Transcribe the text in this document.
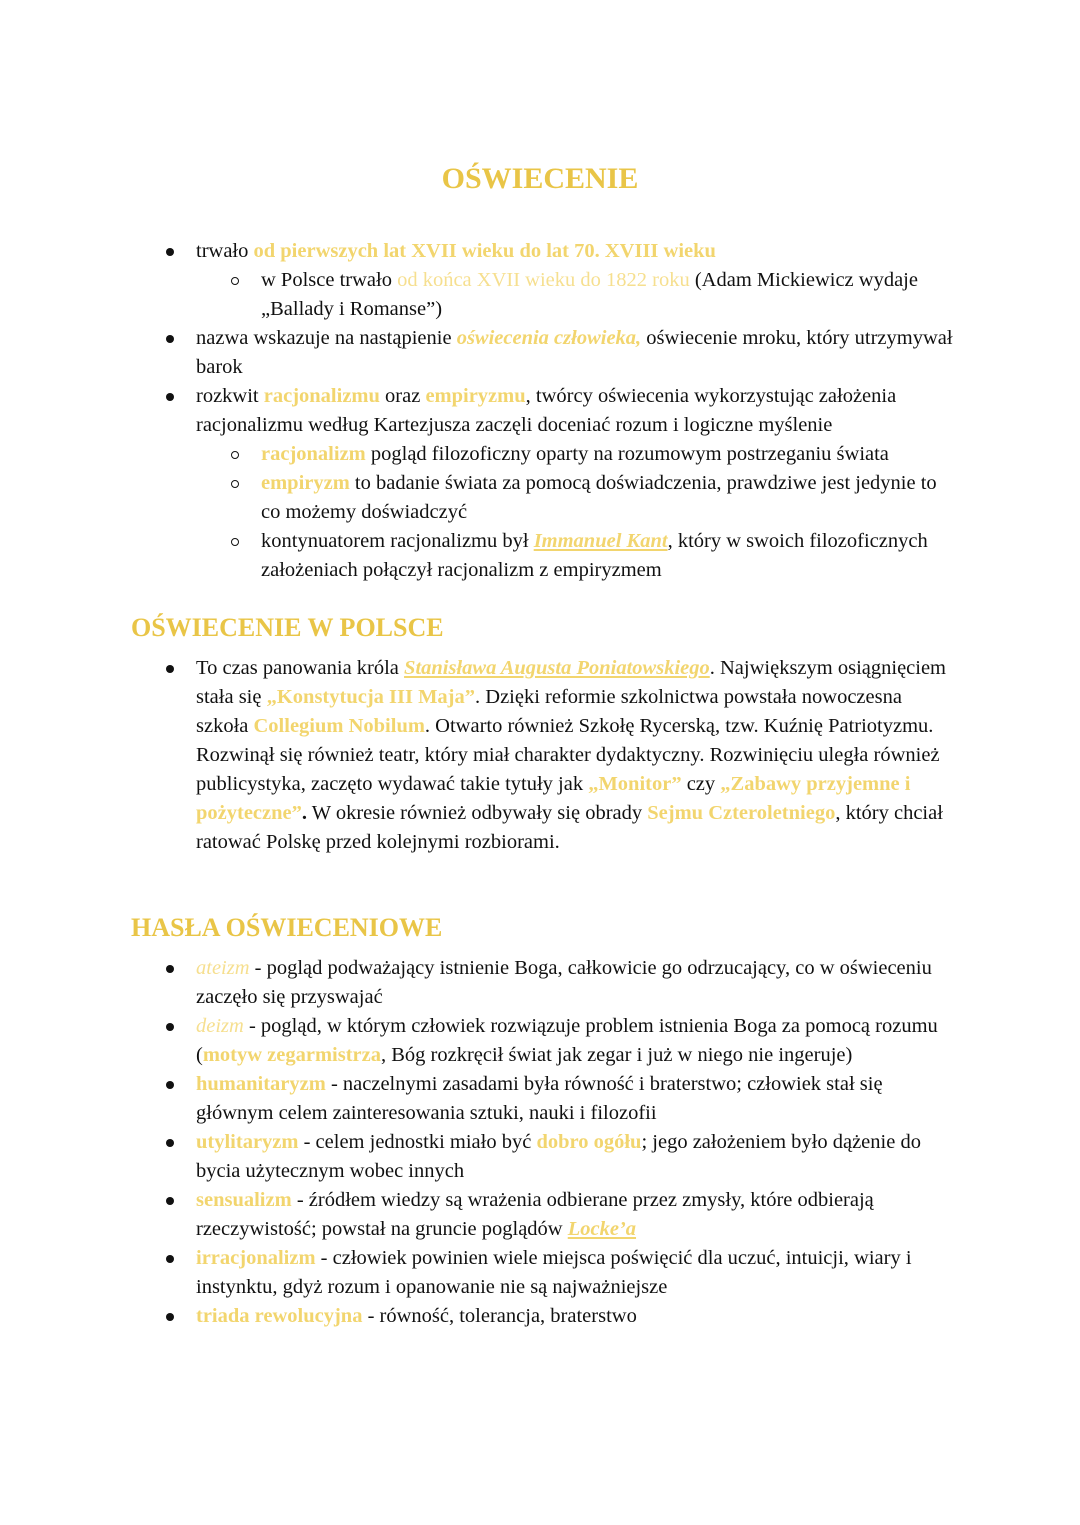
OŚWIECENIE
trwało od pierwszych lat XVII wieku do lat 70. XVIII wieku
w Polsce trwało od końca XVII wieku do 1822 roku (Adam Mickiewicz wydaje „Ballady i Romanse”)
nazwa wskazuje na nastąpienie oświecenia człowieka, oświecenie mroku, który utrzymywał barok
rozkwit racjonalizmu oraz empiryzmu, twórcy oświecenia wykorzystując założenia racjonalizmu według Kartezjusza zaczęli doceniać rozum i logiczne myślenie
racjonalizm pogląd filozoficzny oparty na rozumowym postrzeganiu świata
empiryzm to badanie świata za pomocą doświadczenia, prawdziwe jest jedynie to co możemy doświadczyć
kontynuatorem racjonalizmu był Immanuel Kant, który w swoich filozoficznych założeniach połączył racjonalizm z empiryzmem
OŚWIECENIE W POLSCE
To czas panowania króla Stanisława Augusta Poniatowskiego. Największym osiągnięciem stała się „Konstytucja III Maja”. Dzięki reformie szkolnictwa powstała nowoczesna szkoła Collegium Nobilum. Otwarto również Szkołę Rycerską, tzw. Kuźnię Patriotyzmu. Rozwinął się również teatr, który miał charakter dydaktyczny. Rozwinięciu uległa również publicystyka, zaczęto wydawać takie tytuły jak „Monitor” czy „Zabawy przyjemne i pożyteczne”. W okresie również odbywały się obrady Sejmu Czteroletniego, który chciał ratować Polskę przed kolejnymi rozbiorami.
HASŁA OŚWIECENIOWE
ateizm - pogląd podważający istnienie Boga, całkowicie go odrzucający, co w oświeceniu zaczęło się przyswajać
deizm - pogląd, w którym człowiek rozwiązuje problem istnienia Boga za pomocą rozumu (motyw zegarmistrza, Bóg rozkręcił świat jak zegar i już w niego nie ingeruje)
humanitaryzm - naczelnymi zasadami była równość i braterstwo; człowiek stał się głównym celem zainteresowania sztuki, nauki i filozofii
utylitaryzm - celem jednostki miało być dobro ogółu; jego założeniem było dążenie do bycia użytecznym wobec innych
sensualizm - źródłem wiedzy są wrażenia odbierane przez zmysły, które odbierają rzeczywistość; powstał na gruncie poglądów Locke’a
irracjonalizm - człowiek powinien wiele miejsca poświęcić dla uczuć, intuicji, wiary i instynktu, gdyż rozum i opanowanie nie są najważniejsze
triada rewolucyjna - równość, tolerancja, braterstwo
